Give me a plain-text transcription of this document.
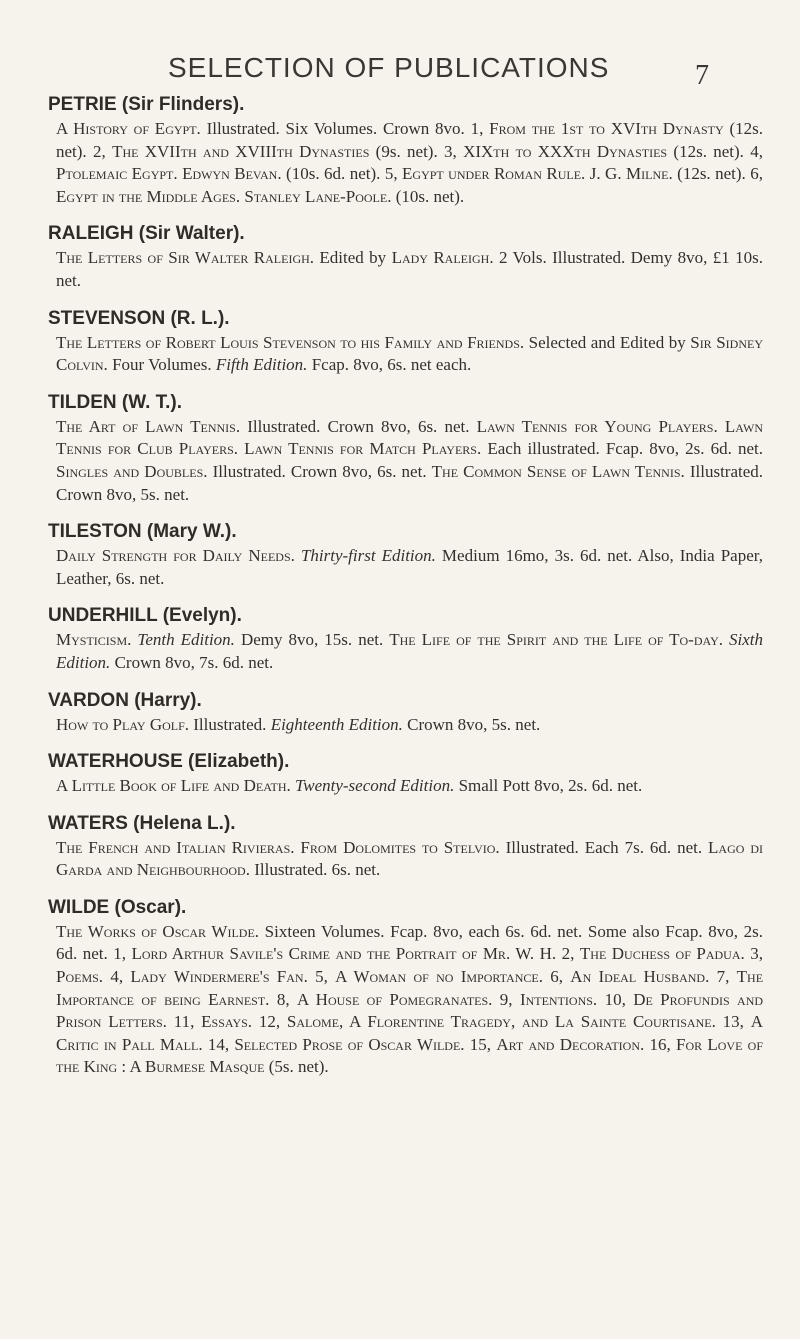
SELECTION OF PUBLICATIONS	7
PETRIE (Sir Flinders).
A History of Egypt. Illustrated. Six Volumes. Crown 8vo. 1, From the 1st to XVIth Dynasty (12s. net). 2, The XVIIth and XVIIIth Dynasties (9s. net). 3, XIXth to XXXth Dynasties (12s. net). 4, Ptolemaic Egypt. Edwyn Bevan. (10s. 6d. net). 5, Egypt under Roman Rule. J. G. Milne. (12s. net). 6, Egypt in the Middle Ages. Stanley Lane-Poole. (10s. net).
RALEIGH (Sir Walter).
The Letters of Sir Walter Raleigh. Edited by Lady Raleigh. 2 Vols. Illustrated. Demy 8vo, £1 10s. net.
STEVENSON (R. L.).
The Letters of Robert Louis Stevenson to his Family and Friends. Selected and Edited by Sir Sidney Colvin. Four Volumes. Fifth Edition. Fcap. 8vo, 6s. net each.
TILDEN (W. T.).
The Art of Lawn Tennis. Illustrated. Crown 8vo, 6s. net. Lawn Tennis for Young Players. Lawn Tennis for Club Players. Lawn Tennis for Match Players. Each illustrated. Fcap. 8vo, 2s. 6d. net. Singles and Doubles. Illustrated. Crown 8vo, 6s. net. The Common Sense of Lawn Tennis. Illustrated. Crown 8vo, 5s. net.
TILESTON (Mary W.).
Daily Strength for Daily Needs. Thirty-first Edition. Medium 16mo, 3s. 6d. net. Also, India Paper, Leather, 6s. net.
UNDERHILL (Evelyn).
Mysticism. Tenth Edition. Demy 8vo, 15s. net. The Life of the Spirit and the Life of To-day. Sixth Edition. Crown 8vo, 7s. 6d. net.
VARDON (Harry).
How to Play Golf. Illustrated. Eighteenth Edition. Crown 8vo, 5s. net.
WATERHOUSE (Elizabeth).
A Little Book of Life and Death. Twenty-second Edition. Small Pott 8vo, 2s. 6d. net.
WATERS (Helena L.).
The French and Italian Rivieras. From Dolomites to Stelvio. Illustrated. Each 7s. 6d. net. Lago di Garda and Neighbourhood. Illustrated. 6s. net.
WILDE (Oscar).
The Works of Oscar Wilde. Sixteen Volumes. Fcap. 8vo, each 6s. 6d. net. Some also Fcap. 8vo, 2s. 6d. net. 1, Lord Arthur Savile's Crime and the Portrait of Mr. W. H. 2, The Duchess of Padua. 3, Poems. 4, Lady Windermere's Fan. 5, A Woman of no Importance. 6, An Ideal Husband. 7, The Importance of being Earnest. 8, A House of Pomegranates. 9, Intentions. 10, De Profundis and Prison Letters. 11, Essays. 12, Salome, A Florentine Tragedy, and La Sainte Courtisane. 13, A Critic in Pall Mall. 14, Selected Prose of Oscar Wilde. 15, Art and Decoration. 16, For Love of the King : A Burmese Masque (5s. net).
